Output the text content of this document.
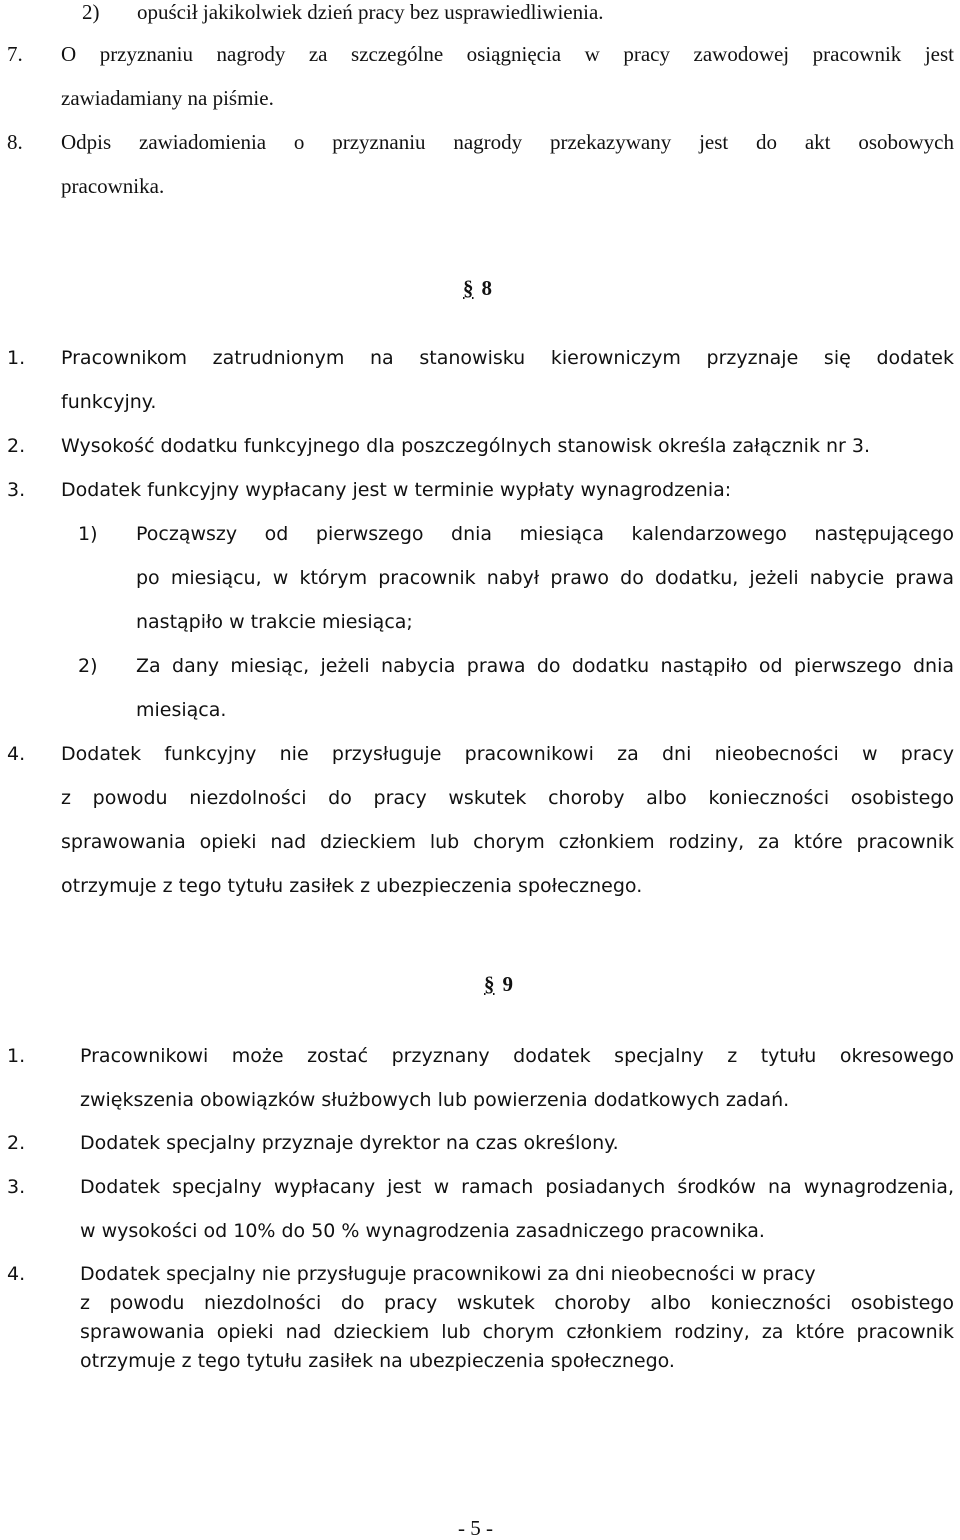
2) opuścił jakikolwiek dzień pracy bez usprawiedliwienia.
7. O przyznaniu nagrody za szczególne osiągnięcia w pracy zawodowej pracownik jest
zawiadamiany na piśmie.
8. Odpis zawiadomienia o przyznaniu nagrody przekazywany jest do akt osobowych
pracownika.
§ 8
1. Pracownikom zatrudnionym na stanowisku kierowniczym przyznaje się dodatek
funkcyjny.
2. Wysokość dodatku funkcyjnego dla poszczególnych stanowisk określa załącznik nr 3.
3. Dodatek funkcyjny wypłacany jest w terminie wypłaty wynagrodzenia:
1) Począwszy od pierwszego dnia miesiąca kalendarzowego następującego
po miesiącu, w którym pracownik nabył prawo do dodatku, jeżeli nabycie prawa
nastąpiło w trakcie miesiąca;
2) Za dany miesiąc, jeżeli nabycia prawa do dodatku nastąpiło od pierwszego dnia
miesiąca.
4. Dodatek funkcyjny nie przysługuje pracownikowi za dni nieobecności w pracy
z powodu niezdolności do pracy wskutek choroby albo konieczności osobistego
sprawowania opieki nad dzieckiem lub chorym członkiem rodziny, za które pracownik
otrzymuje z tego tytułu zasiłek z ubezpieczenia społecznego.
§ 9
1.	Pracownikowi może zostać przyznany dodatek specjalny z tytułu okresowego
zwiększenia obowiązków służbowych lub powierzenia dodatkowych zadań.
2.	Dodatek specjalny przyznaje dyrektor na czas określony.
3.	Dodatek specjalny wypłacany jest w ramach posiadanych środków na wynagrodzenia,
w wysokości od 10% do 50 % wynagrodzenia zasadniczego pracownika.
4.	Dodatek specjalny nie przysługuje pracownikowi za dni nieobecności w pracy
z powodu niezdolności do pracy wskutek choroby albo konieczności osobistego
sprawowania opieki nad dzieckiem lub chorym członkiem rodziny, za które pracownik
otrzymuje z tego tytułu zasiłek na ubezpieczenia społecznego.
- 5 -
